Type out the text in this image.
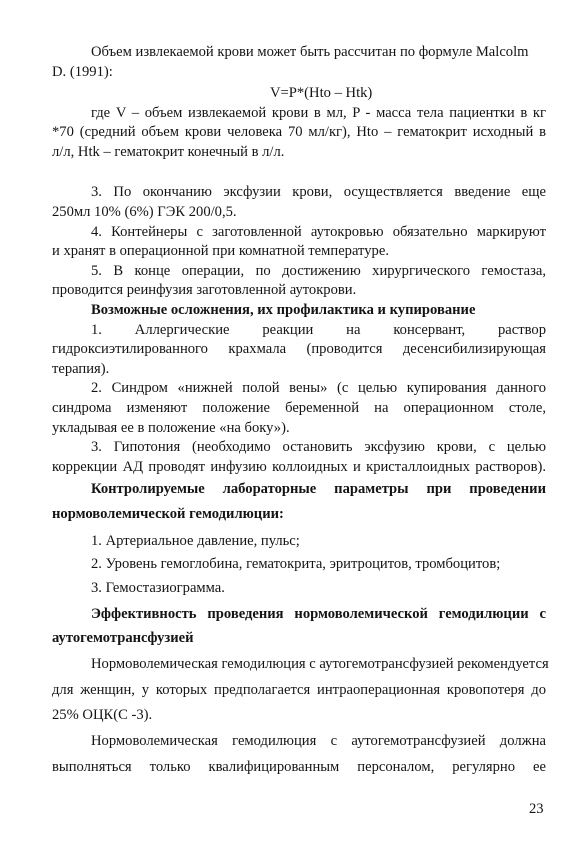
Объем извлекаемой крови может быть рассчитан по формуле Malcolm
D. (1991):
V=P*(Hto – Htk)
где V – объем извлекаемой крови в мл, P - масса тела пациентки в кг
*70 (средний объем крови человека 70 мл/кг), Hto – гематокрит исходный в
л/л, Htk – гематокрит конечный в л/л.
3. По окончанию эксфузии крови, осуществляется введение еще
250мл 10% (6%) ГЭК 200/0,5.
4. Контейнеры с заготовленной аутокровью обязательно маркируют
и хранят в операционной при комнатной температуре.
5. В конце операции, по достижению хирургического гемостаза,
проводится реинфузия заготовленной аутокрови.
Возможные осложнения, их профилактика и купирование
1. Аллергические реакции на консервант, раствор
гидроксиэтилированного крахмала (проводится десенсибилизирующая
терапия).
2. Синдром «нижней полой вены» (с целью купирования данного
синдрома изменяют положение беременной на операционном столе,
укладывая ее в положение «на боку»).
3. Гипотония (необходимо остановить эксфузию крови, с целью
коррекции АД проводят инфузию коллоидных и кристаллоидных растворов).
Контролируемые лабораторные параметры при проведении
нормоволемической гемодилюции:
1. Артериальное давление, пульс;
2. Уровень гемоглобина, гематокрита, эритроцитов, тромбоцитов;
3. Гемостазиограмма.
Эффективность проведения нормоволемической гемодилюции с
аутогемотрансфузией
Нормоволемическая гемодилюция с аутогемотрансфузией рекомендуется
для женщин, у которых предполагается интраоперационная кровопотеря до
25% ОЦК(С -3).
Нормоволемическая гемодилюция с аутогемотрансфузией должна
выполняться только квалифицированным персоналом, регулярно ее
23
